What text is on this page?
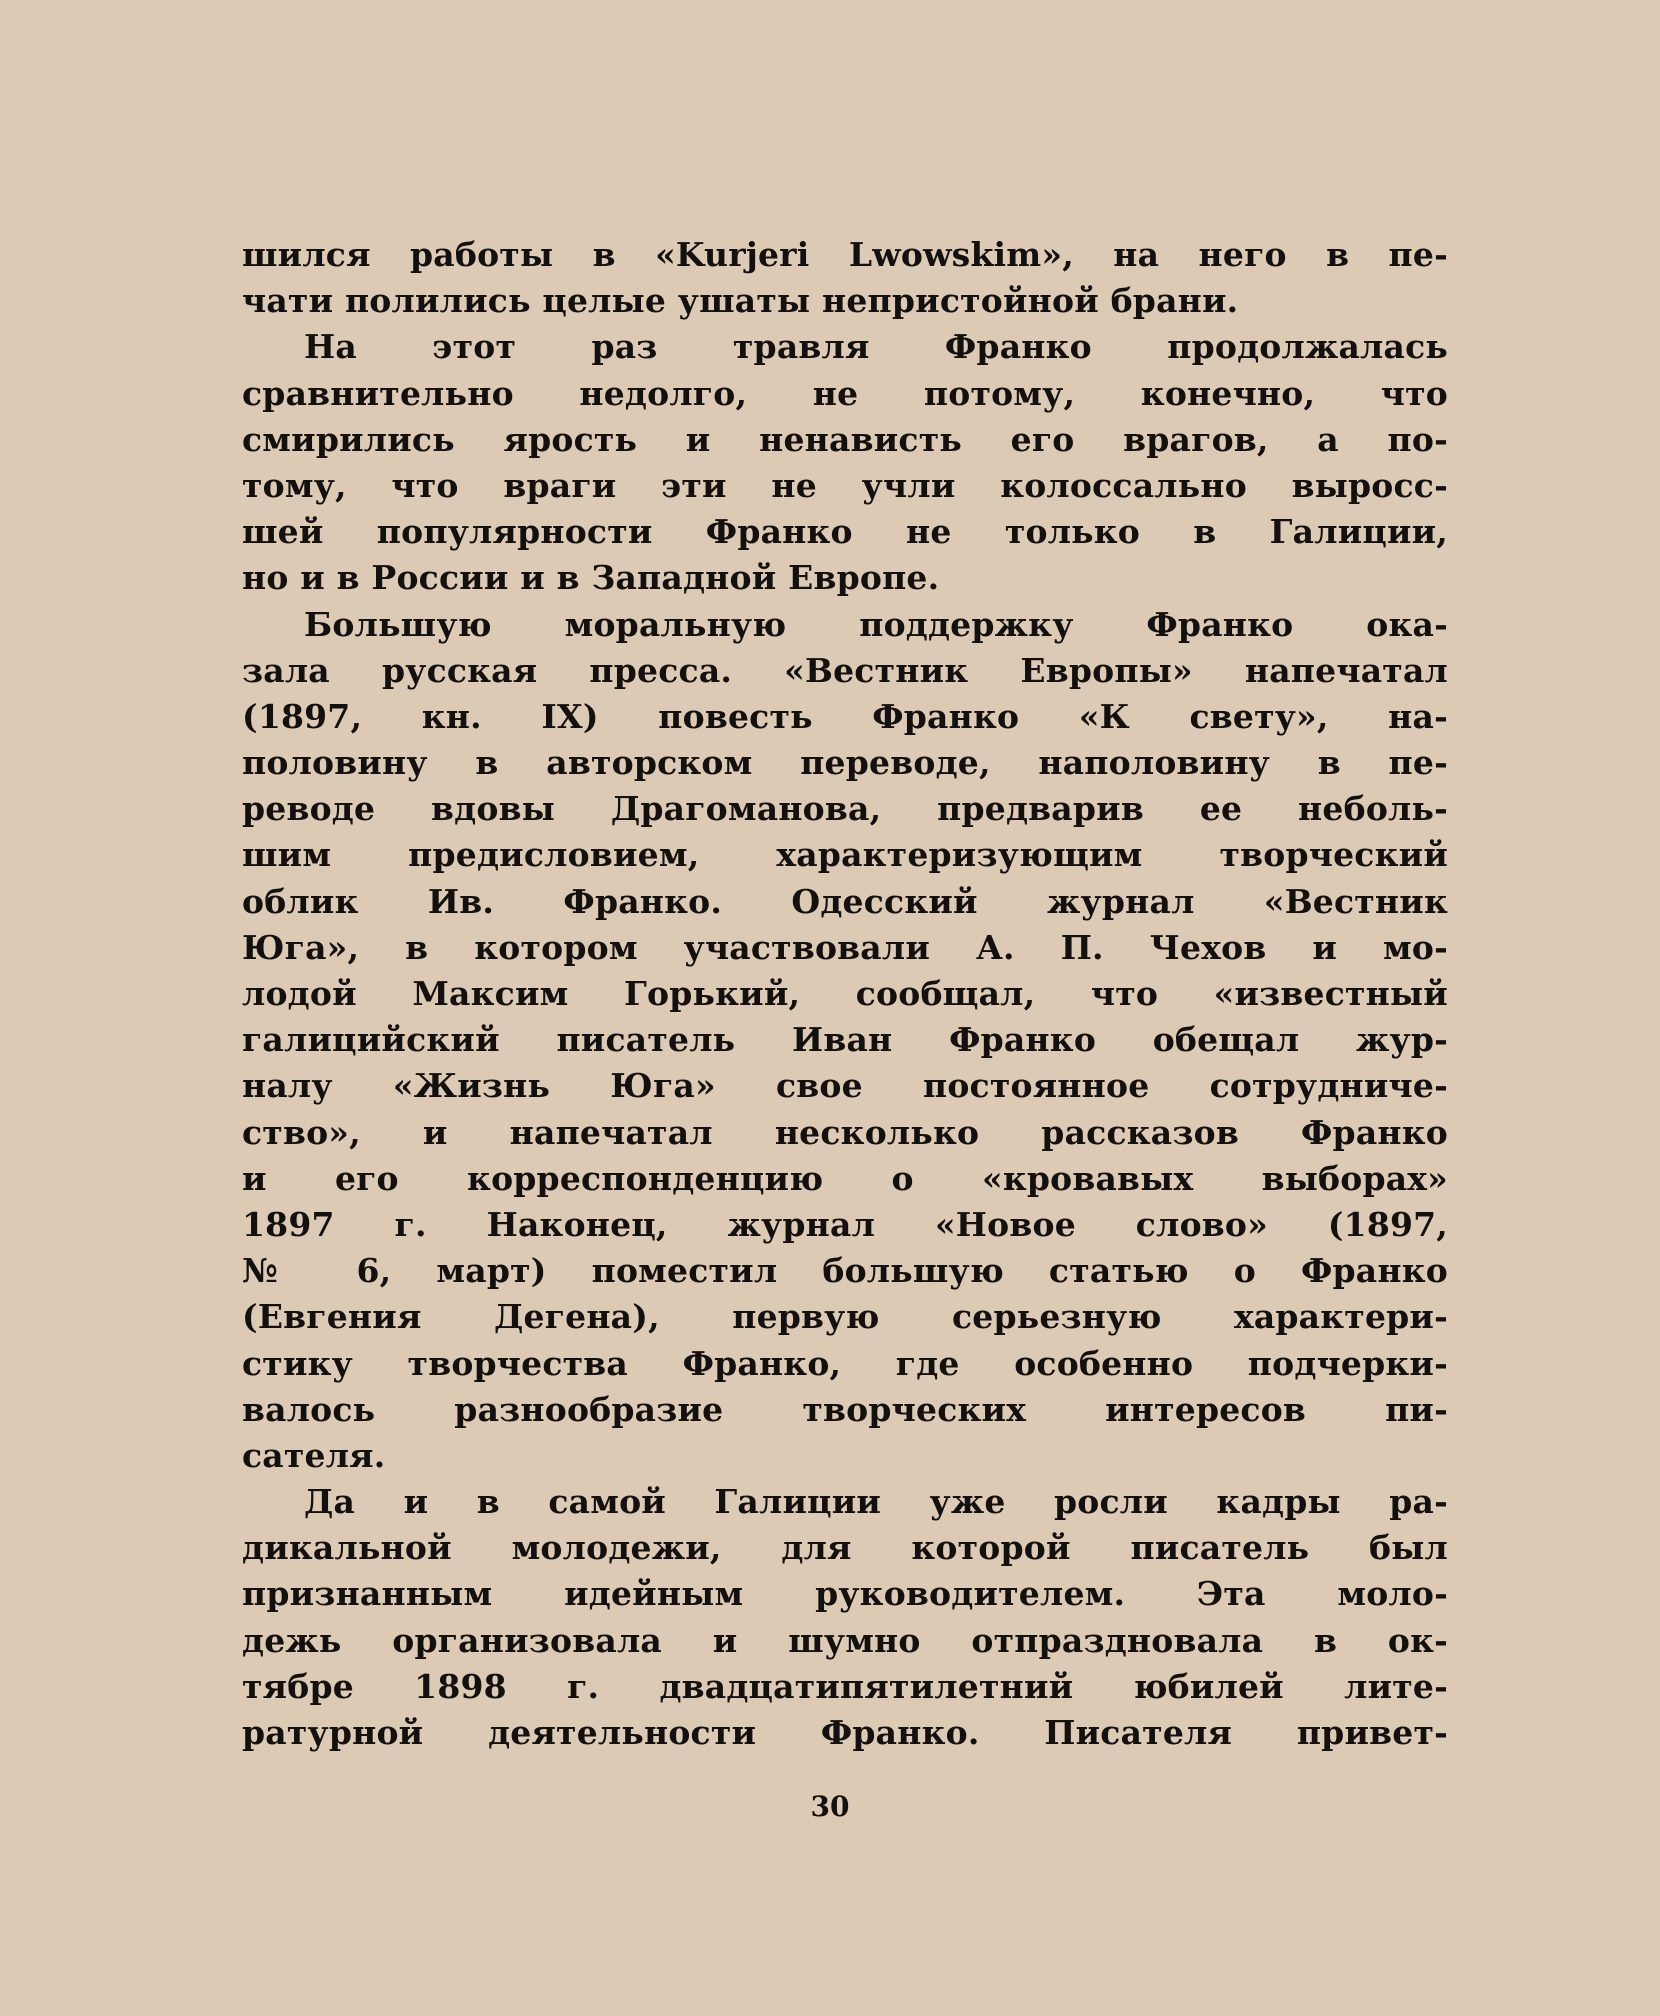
шился работы в «Kurjeri Lwowskim», на него в пе-
чати полились целые ушаты непристойной брани.
На этот раз травля Франко продолжалась
сравнительно недолго, не потому, конечно, что
смирились ярость и ненависть его врагов, а по-
тому, что враги эти не учли колоссально выросс-
шей популярности Франко не только в Галиции,
но и в России и в Западной Европе.
Большую моральную поддержку Франко ока-
зала русская пресса. «Вестник Европы» напечатал
(1897, кн. IX) повесть Франко «К свету», на-
половину в авторском переводе, наполовину в пе-
реводе вдовы Драгоманова, предварив ее неболь-
шим предисловием, характеризующим творческий
облик Ив. Франко. Одесский журнал «Вестник
Юга», в котором участвовали А. П. Чехов и мо-
лодой Максим Горький, сообщал, что «известный
галицийский писатель Иван Франко обещал жур-
налу «Жизнь Юга» свое постоянное сотрудниче-
ство», и напечатал несколько рассказов Франко
и его корреспонденцию о «кровавых выборах»
1897 г. Наконец, журнал «Новое слово» (1897,
№ 6, март) поместил большую статью о Франко
(Евгения Дегена), первую серьезную характери-
стику творчества Франко, где особенно подчерки-
валось разнообразие творческих интересов пи-
сателя.
Да и в самой Галиции уже росли кадры ра-
дикальной молодежи, для которой писатель был
признанным идейным руководителем. Эта моло-
дежь организовала и шумно отпраздновала в ок-
тябре 1898 г. двадцатипятилетний юбилей лите-
ратурной деятельности Франко. Писателя привет-
30
